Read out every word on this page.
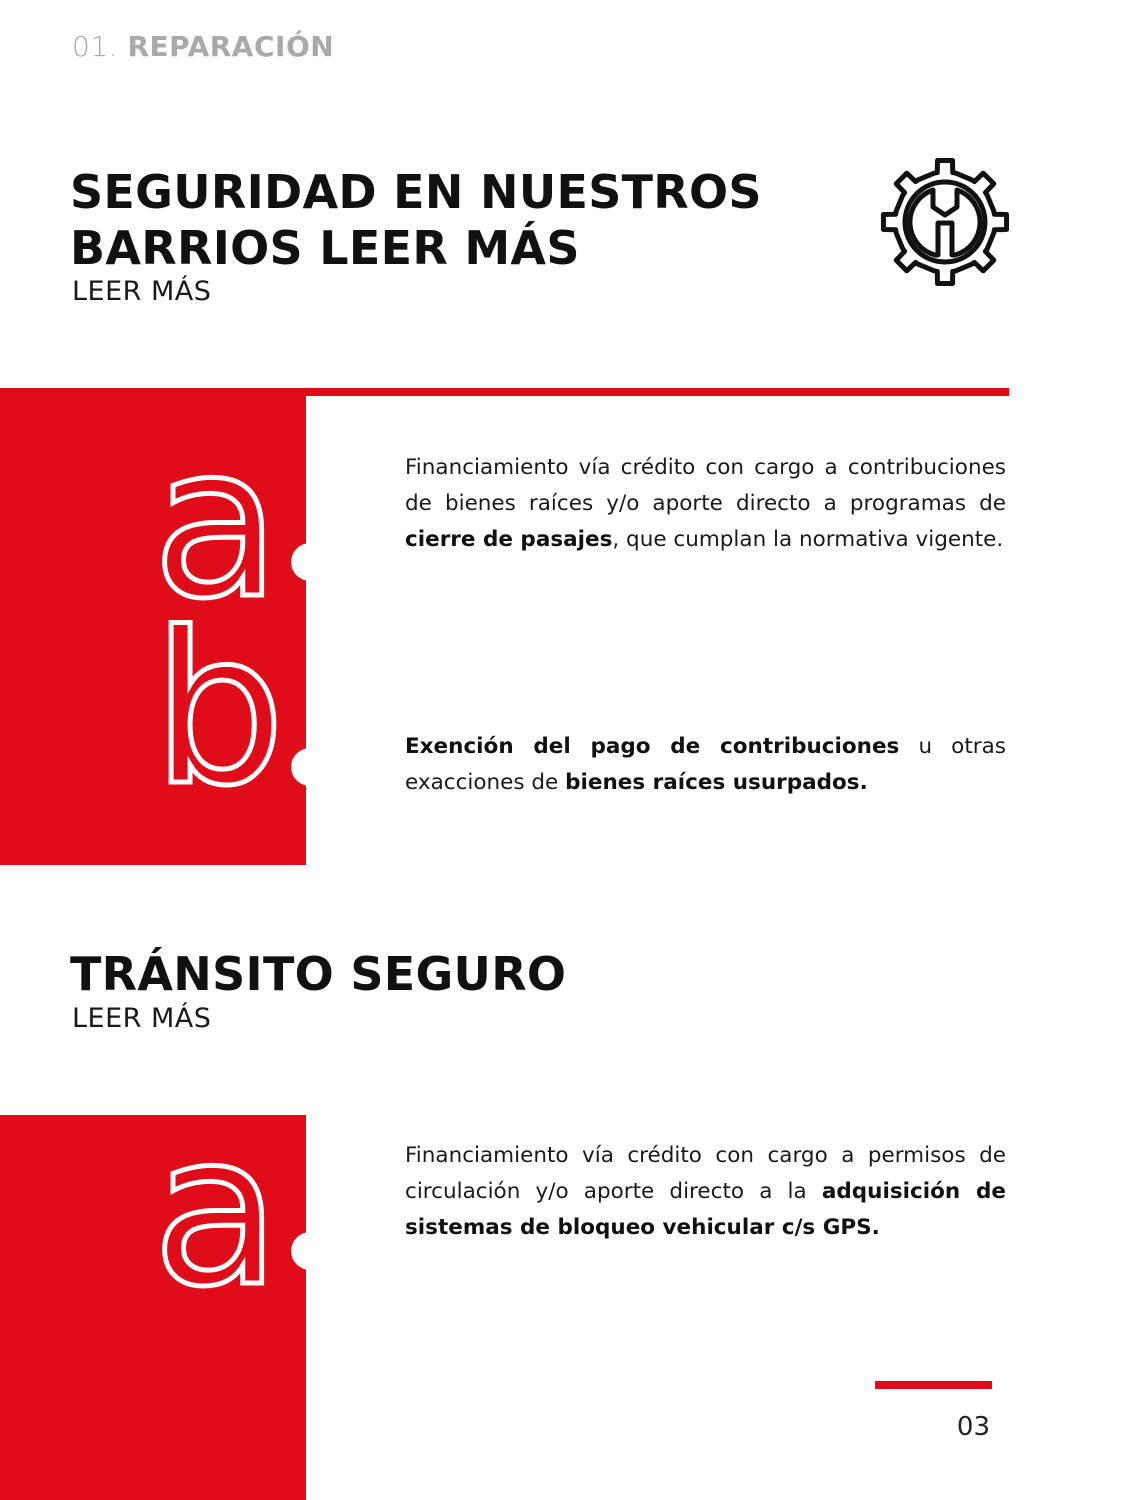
01. REPARACIÓN
SEGURIDAD EN NUESTROS BARRIOS LEER MÁS

LEER MÁS

a	Financiamiento vía crédito con cargo a contribuciones de bienes raíces y/o aporte directo a programas de cierre de pasajes, que cumplan la normativa vigente.

b	Exención del pago de contribuciones u otras exacciones de bienes raíces usurpados.

TRÁNSITO SEGURO

LEER MÁS

a	Financiamiento vía crédito con cargo a permisos de circulación y/o aporte directo a la adquisición de sistemas de bloqueo vehicular c/s GPS.

03
